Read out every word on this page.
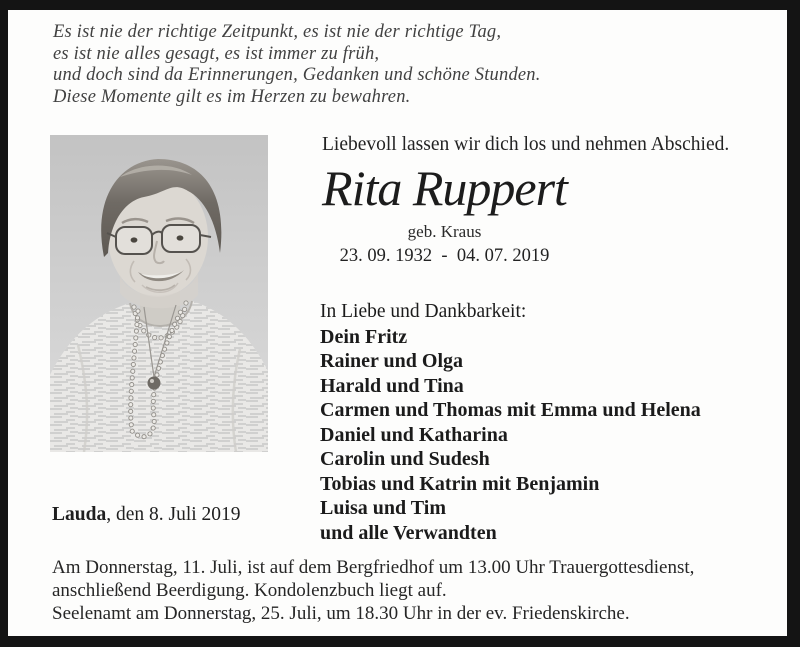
Es ist nie der richtige Zeitpunkt, es ist nie der richtige Tag,
es ist nie alles gesagt, es ist immer zu früh,
und doch sind da Erinnerungen, Gedanken und schöne Stunden.
Diese Momente gilt es im Herzen zu bewahren.
Liebevoll lassen wir dich los und nehmen Abschied.
Rita Ruppert
geb. Kraus
23. 09. 1932  -  04. 07. 2019
In Liebe und Dankbarkeit:
Dein Fritz
Rainer und Olga
Harald und Tina
Carmen und Thomas mit Emma und Helena
Daniel und Katharina
Carolin und Sudesh
Tobias und Katrin mit Benjamin
Luisa und Tim
und alle Verwandten
Lauda, den 8. Juli 2019
Am Donnerstag, 11. Juli, ist auf dem Bergfriedhof um 13.00 Uhr Trauergottesdienst,
anschließend Beerdigung. Kondolenzbuch liegt auf.
Seelenamt am Donnerstag, 25. Juli, um 18.30 Uhr in der ev. Friedenskirche.
